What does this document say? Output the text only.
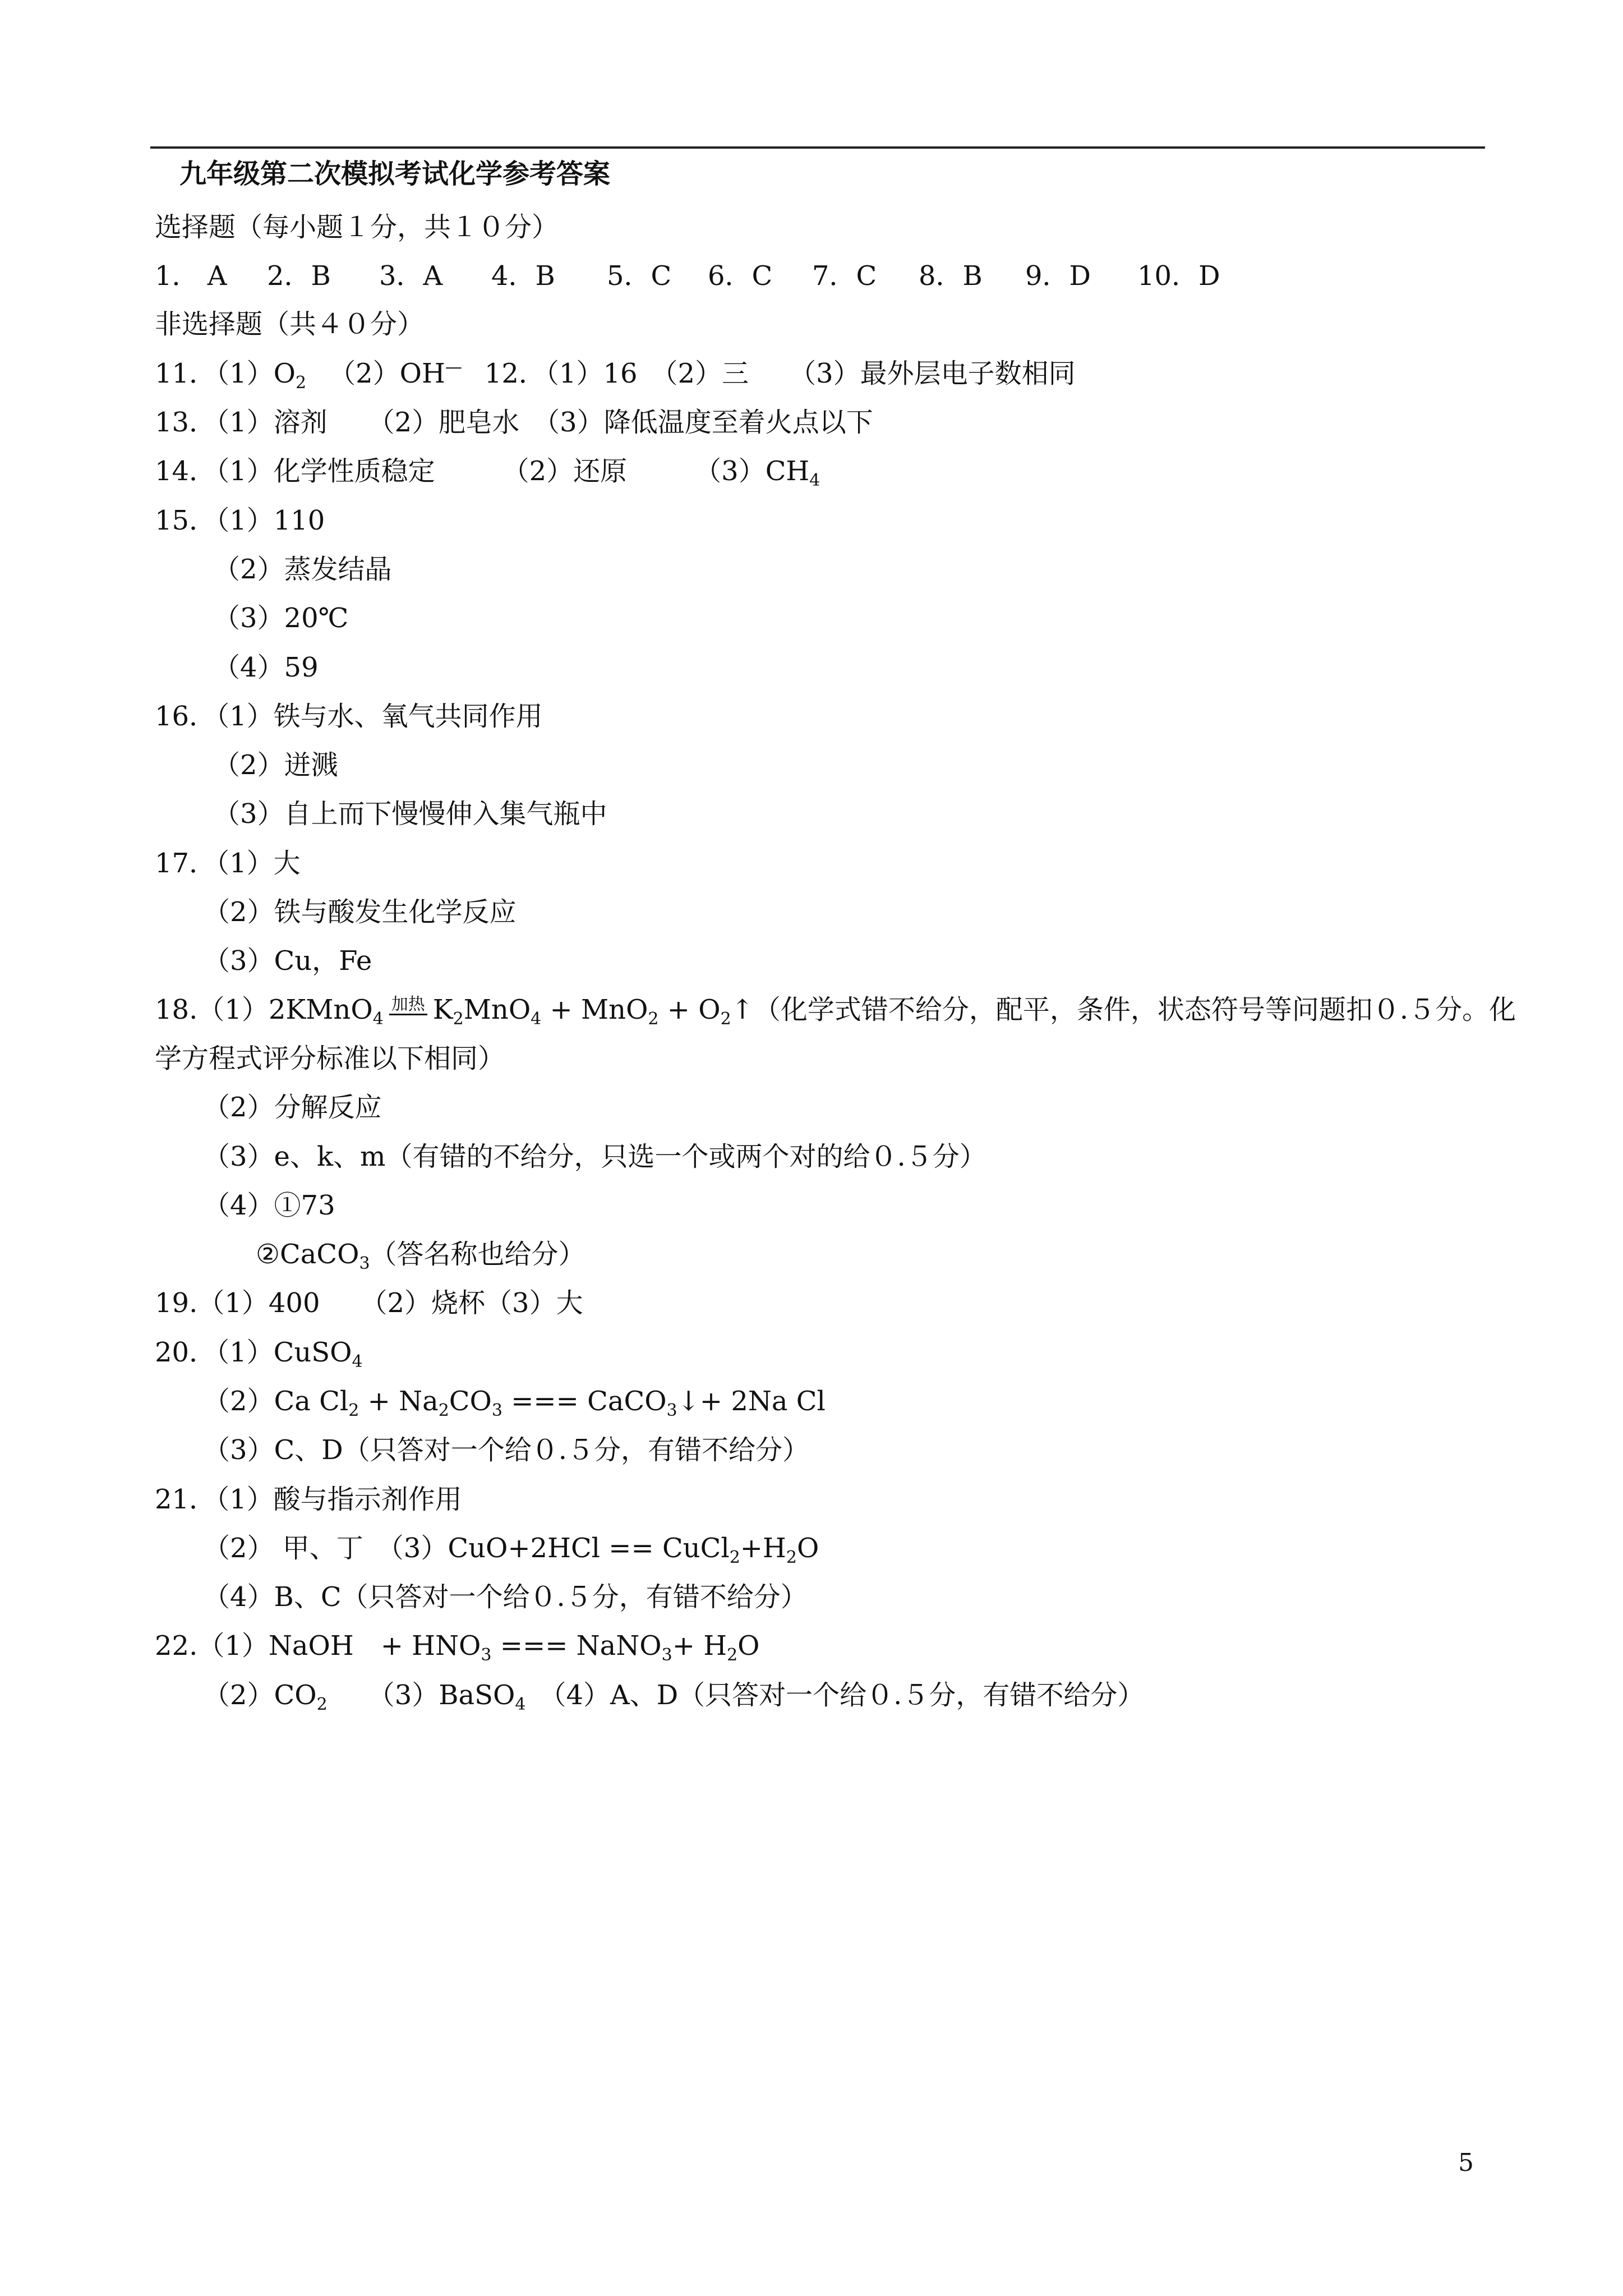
九年级第二次模拟考试化学参考答案
选择题（每小题１分，共１０分）
1． A 2．B 3．A 4．B 5．C 6．C 7．C 8．B 9．D 10．D
非选择题（共４０分）
11．$(1)O_2$ （2）OH— 12．（1）16　（2）三　　（3）最外层电子数相同
13．（1）溶剂　　（2）肥皂水　（3）降低温度至着火点以下
14．（1）化学性质稳定　　　（2）还原　　　$(3)CH_4$
15．（1）110
（2）蒸发结晶
（3）20℃
（4）59
16．（1）铁与水、氧气共同作用
（2）迸溅
（3）自上而下慢慢伸入集气瓶中
17．（1）大
（2）铁与酸发生化学反应
（3）Cu，Fe
18.（1）2KMnO$_4$加热 $K_2MnO_4 + MnO_2$ + $O_2↑$（化学式错不给分，配平，条件，状态符号等问题扣０.５分。化
学方程式评分标准以下相同）
（2）分解反应
（3）e、k、m（有错的不给分，只选一个或两个对的给０.５分）
（4）①73
②CaCO$_3$（答名称也给分）
19.（1）400　　（2）烧杯（3）大
20．（1）CuSO$_4$
（2）Ca $Cl_2 + Na_2CO_3$ === CaCO$_3$↓+ 2Na Cl
（3）C、D（只答对一个给０.５分，有错不给分）
21．（1）酸与指示剂作用
（2） 甲、丁　$(3)CuO+2HCl == CuCl_2+H_2O$
（4）B、C（只答对一个给０.５分，有错不给分）
22.（1）NaOH　+ $HNO_3$ === NaNO$_3$+ $H_2O$
$(2)CO_2$　　（3）BaSO$_4$　（4）A、D（只答对一个给０.５分，有错不给分）
5
